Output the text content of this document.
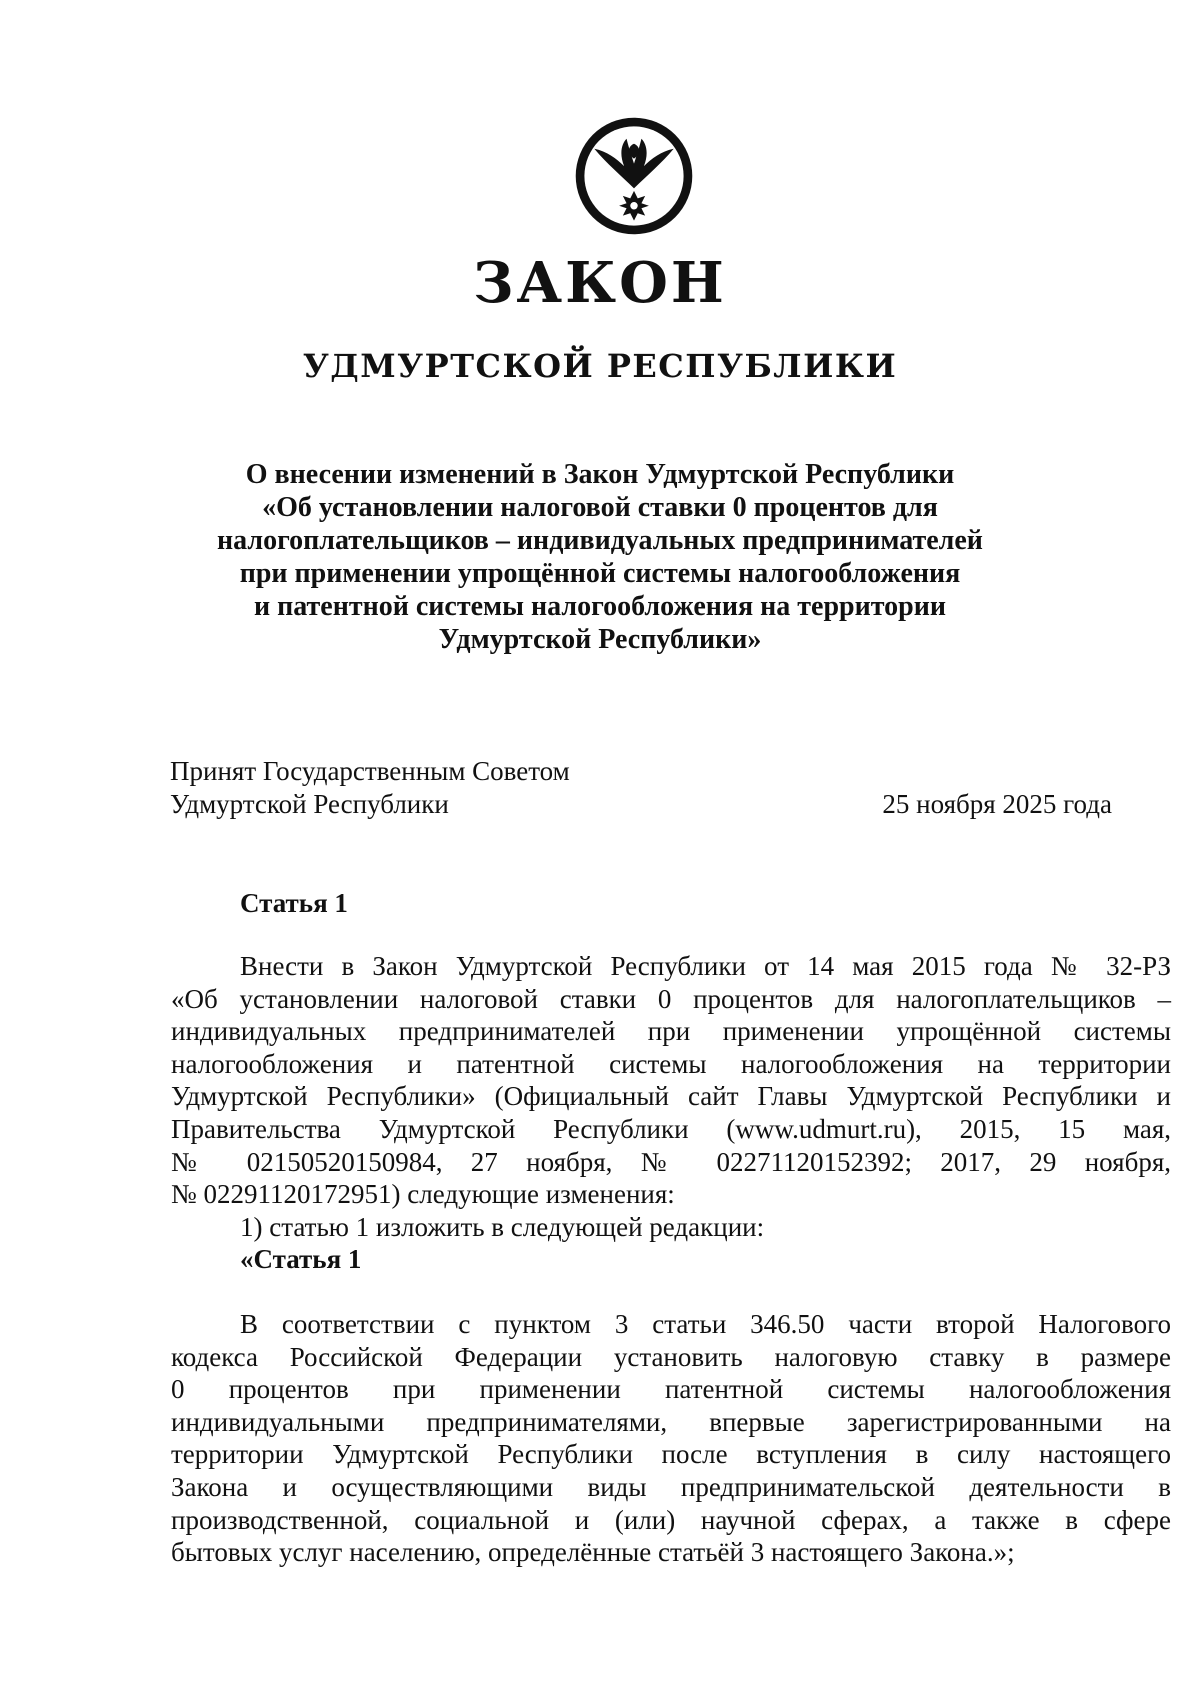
ЗАКОН
УДМУРТСКОЙ РЕСПУБЛИКИ
О внесении изменений в Закон Удмуртской Республики
«Об установлении налоговой ставки 0 процентов для
налогоплательщиков – индивидуальных предпринимателей
при применении упрощённой системы налогообложения
и патентной системы налогообложения на территории
Удмуртской Республики»
Принят Государственным Советом
Удмуртской Республики	25 ноября 2025 года
Статья 1
Внести в Закон Удмуртской Республики от 14 мая 2015 года № 32-РЗ
«Об установлении налоговой ставки 0 процентов для налогоплательщиков –
индивидуальных предпринимателей при применении упрощённой системы
налогообложения и патентной системы налогообложения на территории
Удмуртской Республики» (Официальный сайт Главы Удмуртской Республики и
Правительства Удмуртской Республики (www.udmurt.ru), 2015, 15 мая,
№ 02150520150984, 27 ноября, № 02271120152392; 2017, 29 ноября,
№ 02291120172951) следующие изменения:
1) статью 1 изложить в следующей редакции:
«Статья 1
В соответствии с пунктом 3 статьи 346.50 части второй Налогового
кодекса Российской Федерации установить налоговую ставку в размере
0 процентов при применении патентной системы налогообложения
индивидуальными предпринимателями, впервые зарегистрированными на
территории Удмуртской Республики после вступления в силу настоящего
Закона и осуществляющими виды предпринимательской деятельности в
производственной, социальной и (или) научной сферах, а также в сфере
бытовых услуг населению, определённые статьёй 3 настоящего Закона.»;
